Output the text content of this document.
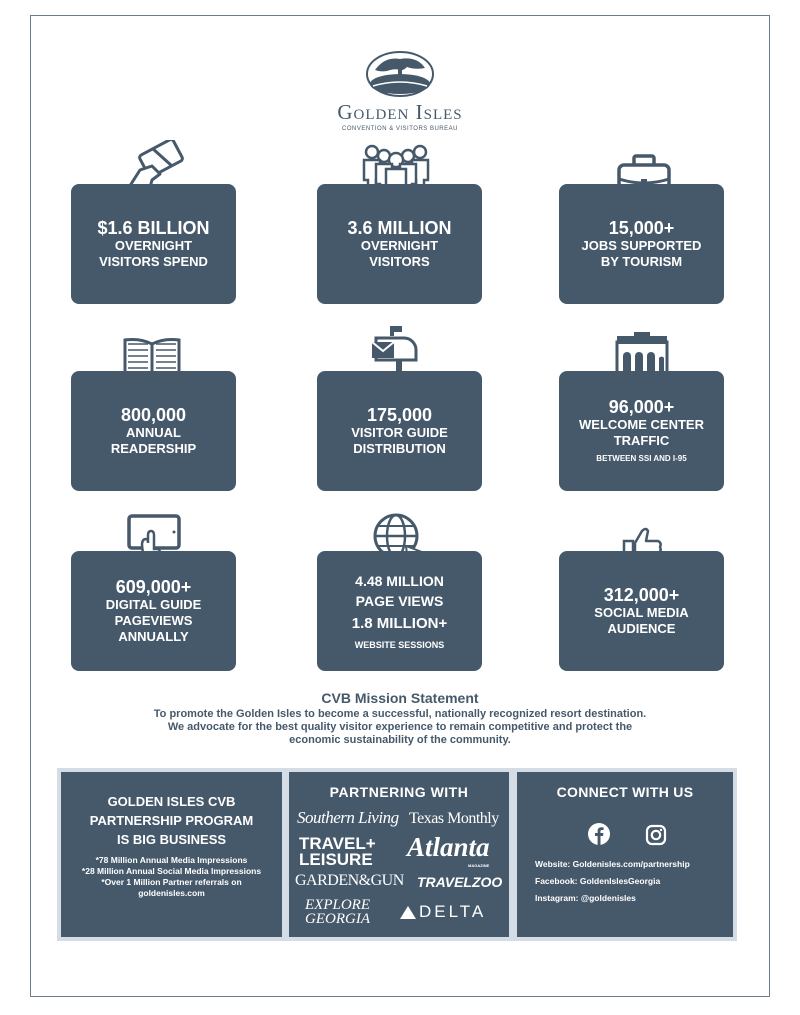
Golden Isles
CONVENTION & VISITORS BUREAU
$1.6 BILLION
OVERNIGHT
VISITORS SPEND
3.6 MILLION
OVERNIGHT
VISITORS
15,000+
JOBS SUPPORTED
BY TOURISM
800,000
ANNUAL
READERSHIP
175,000
VISITOR GUIDE
DISTRIBUTION
96,000+
WELCOME CENTER
TRAFFIC
BETWEEN SSI AND I-95
609,000+
DIGITAL GUIDE
PAGEVIEWS
ANNUALLY
4.48 MILLION
PAGE VIEWS
1.8 MILLION+
WEBSITE SESSIONS
312,000+
SOCIAL MEDIA
AUDIENCE
CVB Mission Statement
To promote the Golden Isles to become a successful, nationally recognized resort destination.
We advocate for the best quality visitor experience to remain competitive and protect the
economic sustainability of the community.
GOLDEN ISLES CVB
PARTNERSHIP PROGRAM
IS BIG BUSINESS
*78 Million Annual Media Impressions
*28 Million Annual Social Media Impressions
*Over 1 Million Partner referrals on
goldenisles.com
PARTNERING WITH
Southern Living Texas Monthly
TRAVEL+
LEISURE Atlanta
MAGAZINE
GARDEN&GUN TRAVELZOO
EXPLORE
GEORGIA	DELTA
CONNECT WITH US
Website: Goldenisles.com/partnership
Facebook: GoldenIslesGeorgia
Instagram: @goldenisles
